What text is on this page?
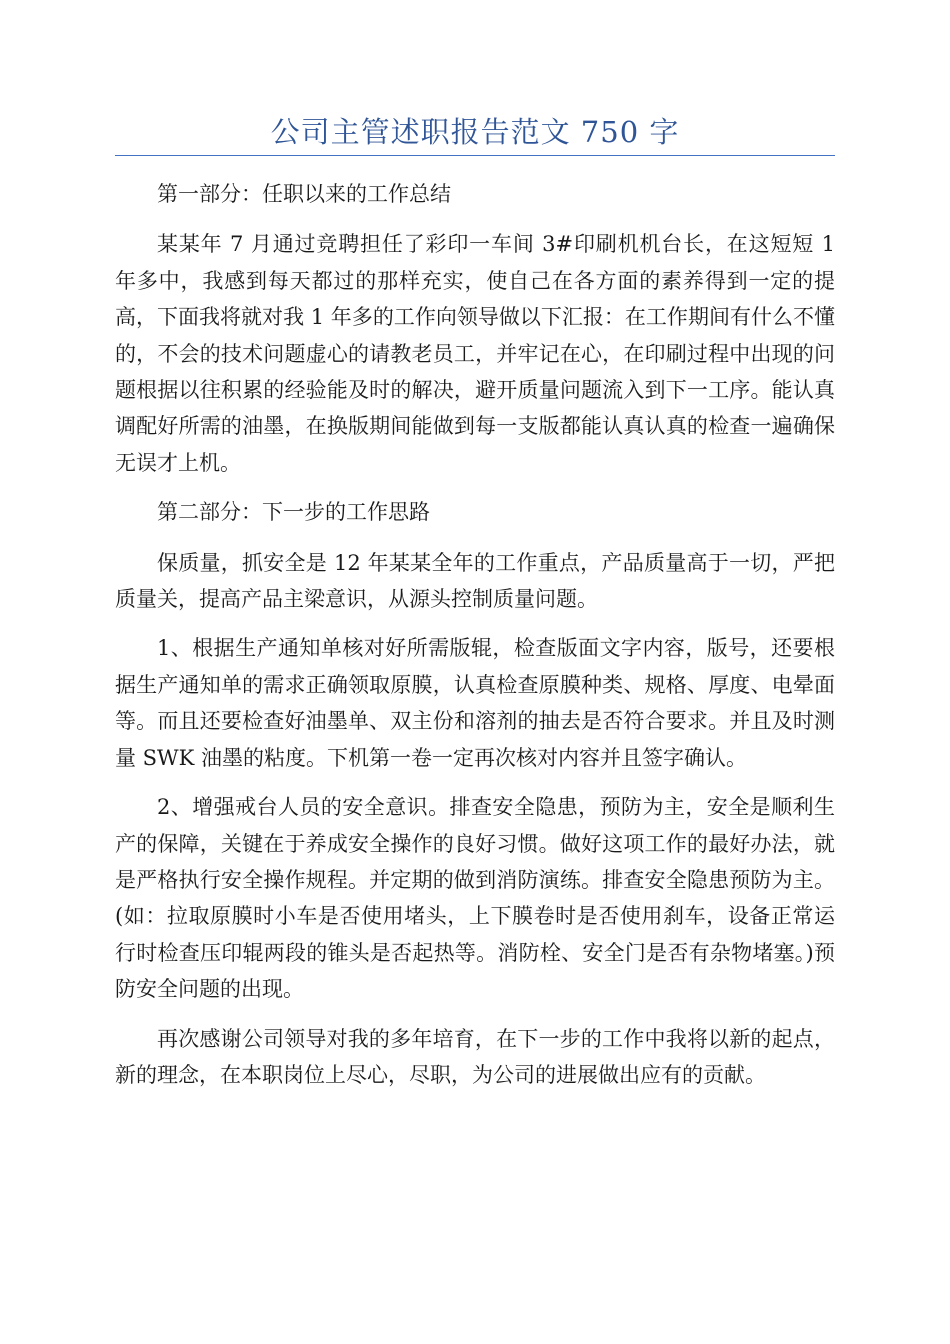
公司主管述职报告范文 750 字

第一部分：任职以来的工作总结

某某年 7 月通过竞聘担任了彩印一车间 3#印刷机机台长，在这短短 1 年多中，我感到每天都过的那样充实，使自己在各方面的素养得到一定的提高，下面我将就对我 1 年多的工作向领导做以下汇报：在工作期间有什么不懂的，不会的技术问题虚心的请教老员工，并牢记在心，在印刷过程中出现的问题根据以往积累的经验能及时的解决，避开质量问题流入到下一工序。能认真调配好所需的油墨，在换版期间能做到每一支版都能认真认真的检查一遍确保无误才上机。

第二部分：下一步的工作思路

保质量，抓安全是 12 年某某全年的工作重点，产品质量高于一切，严把质量关，提高产品主梁意识，从源头控制质量问题。

1、根据生产通知单核对好所需版辊，检查版面文字内容，版号，还要根据生产通知单的需求正确领取原膜，认真检查原膜种类、规格、厚度、电晕面等。而且还要检查好油墨单、双主份和溶剂的抽去是否符合要求。并且及时测量 SWK 油墨的粘度。下机第一卷一定再次核对内容并且签字确认。

2、增强戒台人员的安全意识。排查安全隐患，预防为主，安全是顺利生产的保障，关键在于养成安全操作的良好习惯。做好这项工作的最好办法，就是严格执行安全操作规程。并定期的做到消防演练。排查安全隐患预防为主。(如：拉取原膜时小车是否使用堵头，上下膜卷时是否使用刹车，设备正常运行时检查压印辊两段的锥头是否起热等。消防栓、安全门是否有杂物堵塞。)预防安全问题的出现。

再次感谢公司领导对我的多年培育，在下一步的工作中我将以新的起点，新的理念，在本职岗位上尽心，尽职，为公司的进展做出应有的贡献。
